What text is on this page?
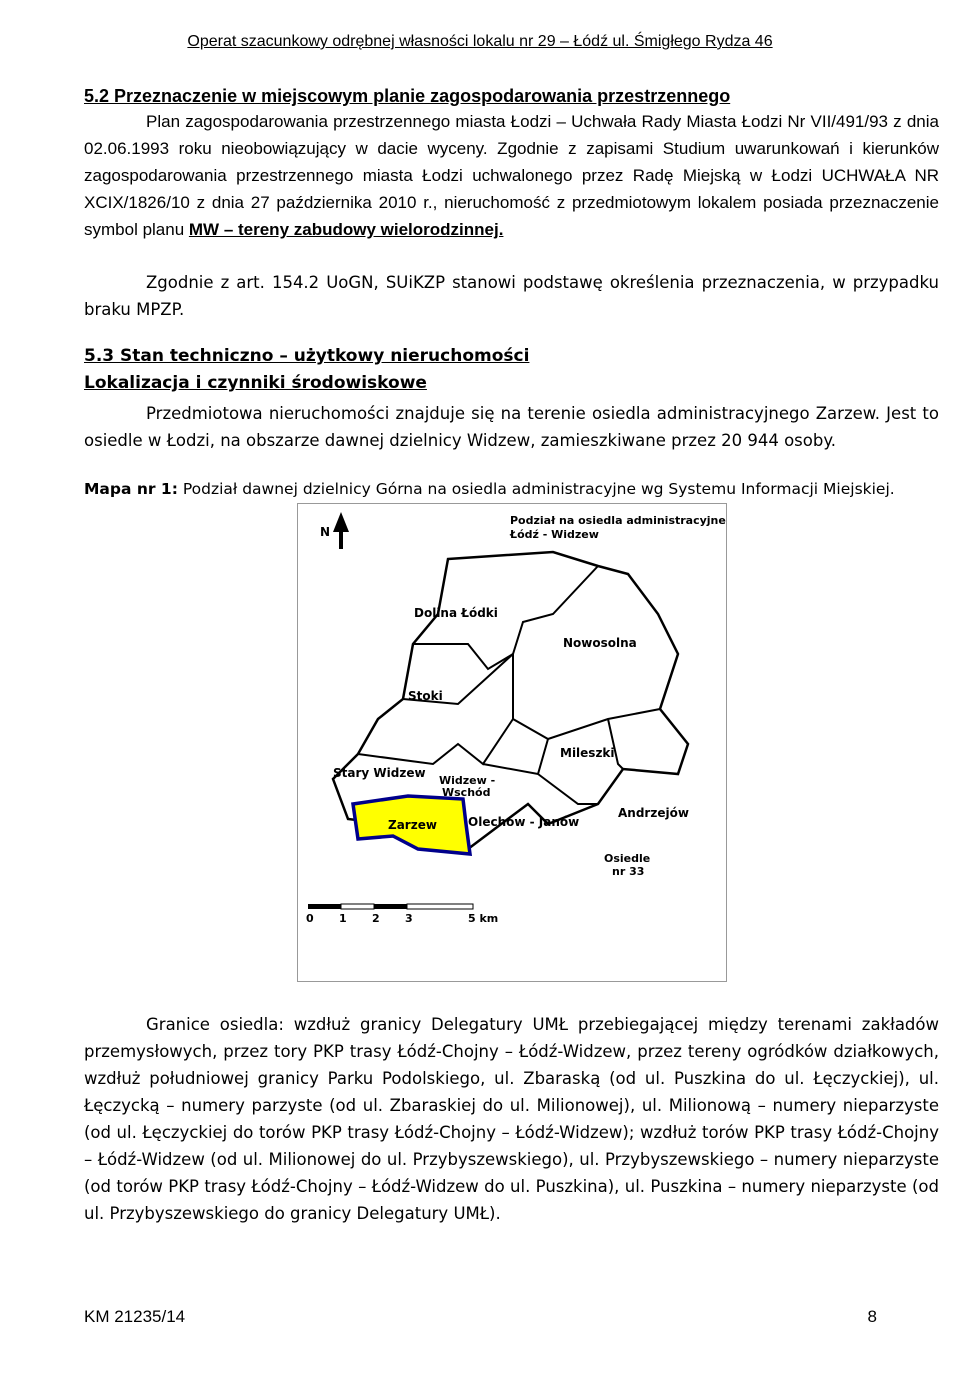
Operat szacunkowy odrębnej własności lokalu nr 29 – Łódź ul. Śmigłego Rydza 46
5.2 Przeznaczenie w miejscowym planie zagospodarowania przestrzennego
Plan zagospodarowania przestrzennego miasta Łodzi – Uchwała Rady Miasta Łodzi Nr VII/491/93 z dnia 02.06.1993 roku nieobowiązujący w dacie wyceny. Zgodnie z zapisami Studium uwarunkowań i kierunków zagospodarowania przestrzennego miasta Łodzi uchwalonego przez Radę Miejską w Łodzi UCHWAŁA NR XCIX/1826/10 z dnia 27 października 2010 r., nieruchomość z przedmiotowym lokalem posiada przeznaczenie symbol planu MW – tereny zabudowy wielorodzinnej.
Zgodnie z art. 154.2 UoGN, SUiKZP stanowi podstawę określenia przeznaczenia, w przypadku braku MPZP.
5.3 Stan techniczno – użytkowy nieruchomości
Lokalizacja i czynniki środowiskowe
Przedmiotowa nieruchomości znajduje się na terenie osiedla administracyjnego Zarzew. Jest to osiedle w Łodzi, na obszarze dawnej dzielnicy Widzew, zamieszkiwane przez 20 944 osoby.
Mapa nr 1: Podział dawnej dzielnicy Górna na osiedla administracyjne wg Systemu Informacji Miejskiej.
N
Podział na osiedla administracyjne
Łódź - Widzew
Dolina Łódki
Nowosolna
Stoki
Mileszki
Stary Widzew
Widzew -
Wschód
Zarzew	Olechów - Janów
Andrzejów
Osiedle
nr 33
0 1 2 3	5 km
Granice osiedla: wzdłuż granicy Delegatury UMŁ przebiegającej między terenami zakładów przemysłowych, przez tory PKP trasy Łódź-Chojny – Łódź-Widzew, przez tereny ogródków działkowych, wzdłuż południowej granicy Parku Podolskiego, ul. Zbaraską (od ul. Puszkina do ul. Łęczyckiej), ul. Łęczycką – numery parzyste (od ul. Zbaraskiej do ul. Milionowej), ul. Milionową – numery nieparzyste (od ul. Łęczyckiej do torów PKP trasy Łódź-Chojny – Łódź-Widzew); wzdłuż torów PKP trasy Łódź-Chojny – Łódź-Widzew (od ul. Milionowej do ul. Przybyszewskiego), ul. Przybyszewskiego – numery nieparzyste (od torów PKP trasy Łódź-Chojny – Łódź-Widzew do ul. Puszkina), ul. Puszkina – numery nieparzyste (od ul. Przybyszewskiego do granicy Delegatury UMŁ).
KM 21235/14	8
